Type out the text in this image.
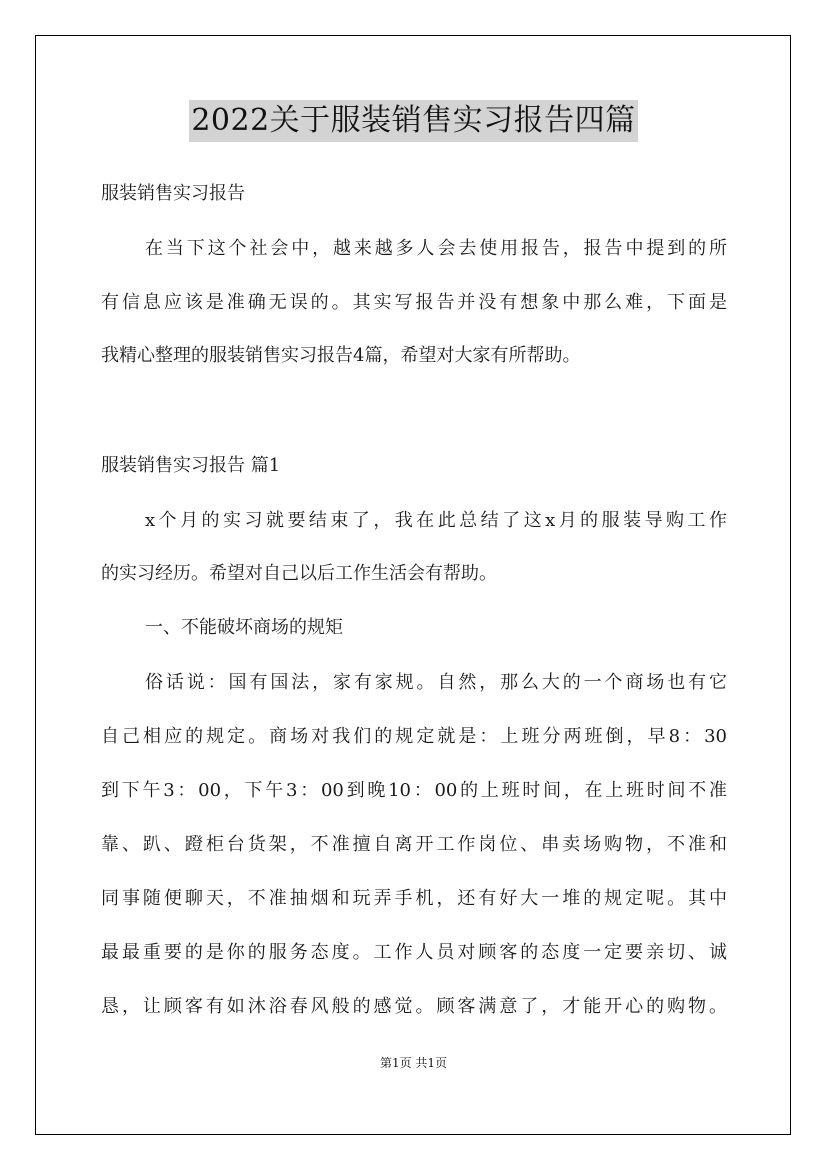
2022关于服装销售实习报告四篇
服装销售实习报告
在当下这个社会中，越来越多人会去使用报告，报告中提到的所
有信息应该是准确无误的。其实写报告并没有想象中那么难，下面是
我精心整理的服装销售实习报告4篇，希望对大家有所帮助。
服装销售实习报告 篇1
x个月的实习就要结束了，我在此总结了这x月的服装导购工作
的实习经历。希望对自己以后工作生活会有帮助。
一、不能破坏商场的规矩
俗话说：国有国法，家有家规。自然，那么大的一个商场也有它
自己相应的规定。商场对我们的规定就是：上班分两班倒，早8：30
到下午3：00，下午3：00到晚10：00的上班时间，在上班时间不准
靠、趴、蹬柜台货架，不准擅自离开工作岗位、串卖场购物，不准和
同事随便聊天，不准抽烟和玩弄手机，还有好大一堆的规定呢。其中
最最重要的是你的服务态度。工作人员对顾客的态度一定要亲切、诚
恳，让顾客有如沐浴春风般的感觉。顾客满意了，才能开心的购物。
第1页 共1页
